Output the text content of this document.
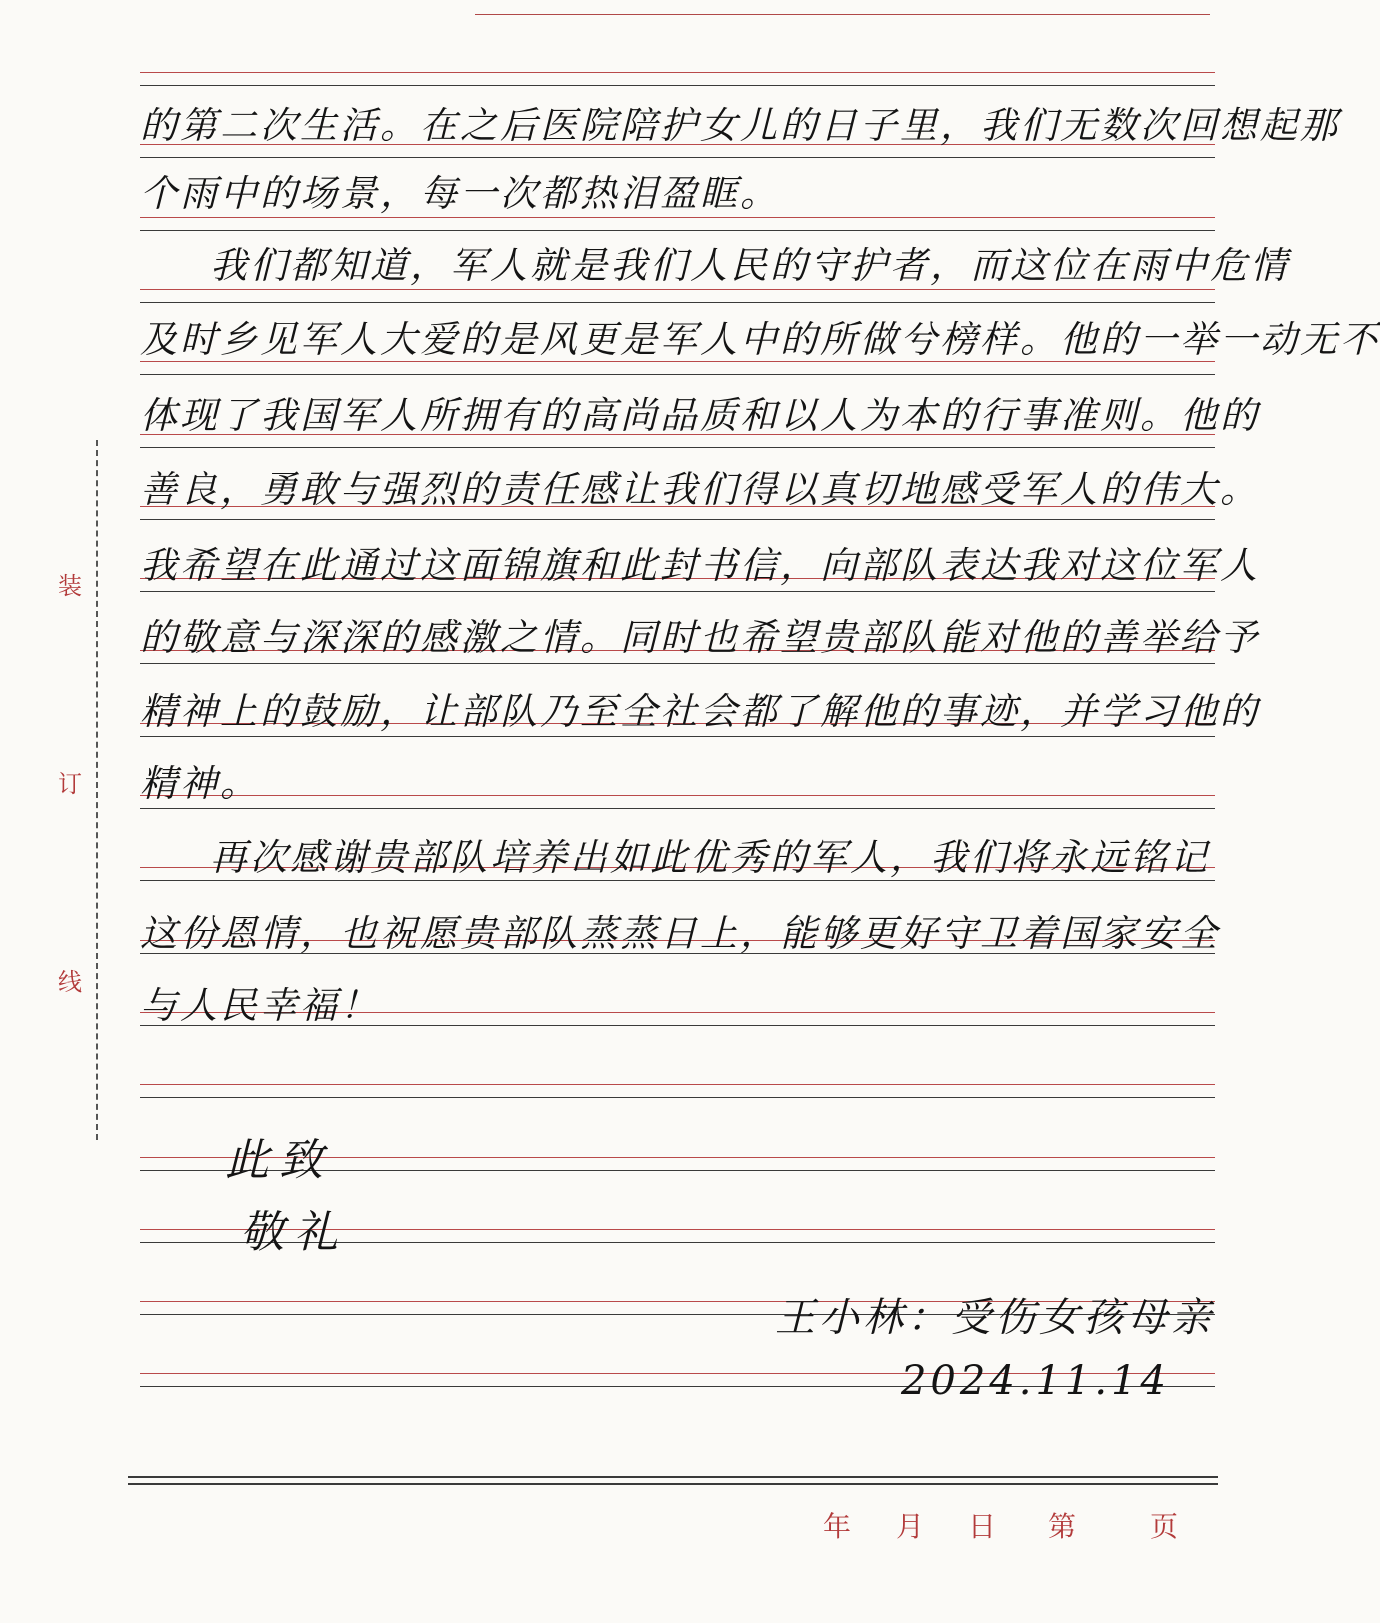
装
订
线
的第二次生活。在之后医院陪护女儿的日子里，我们无数次回想起那
个雨中的场景，每一次都热泪盈眶。
我们都知道，军人就是我们人民的守护者，而这位在雨中危情
及时乡见军人大爱的是风更是军人中的所做兮榜样。他的一举一动无不
体现了我国军人所拥有的高尚品质和以人为本的行事准则。他的
善良，勇敢与强烈的责任感让我们得以真切地感受军人的伟大。
我希望在此通过这面锦旗和此封书信，向部队表达我对这位军人
的敬意与深深的感激之情。同时也希望贵部队能对他的善举给予
精神上的鼓励，让部队乃至全社会都了解他的事迹，并学习他的
精神。
再次感谢贵部队培养出如此优秀的军人，我们将永远铭记
这份恩情，也祝愿贵部队蒸蒸日上，能够更好守卫着国家安全
与人民幸福！
此致
敬礼
王小林：受伤女孩母亲
2024.11.14
年 月 日 第	页
